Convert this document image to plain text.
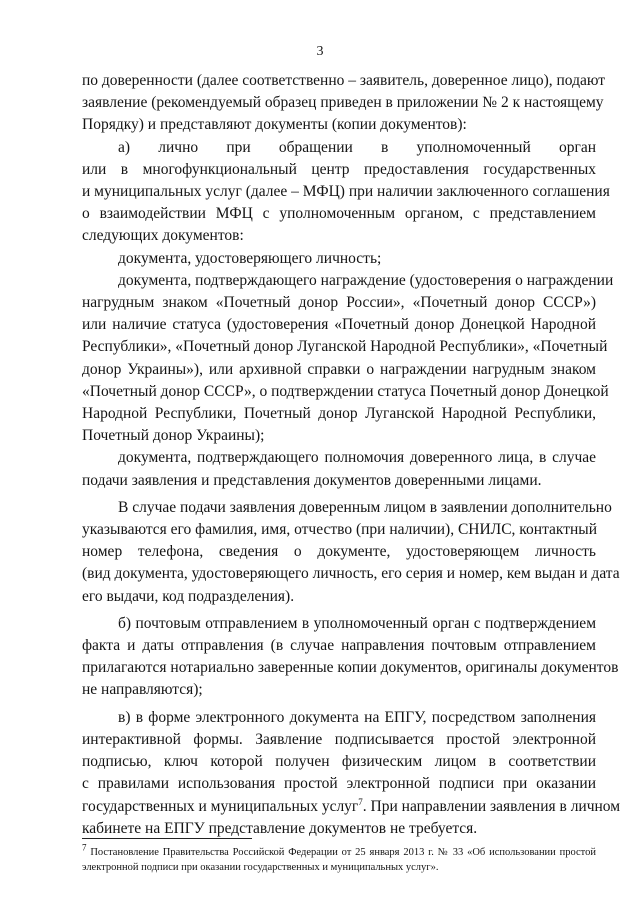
3
по доверенности (далее соответственно – заявитель, доверенное лицо), подают
заявление (рекомендуемый образец приведен в приложении № 2 к настоящему
Порядку) и представляют документы (копии документов):
а) лично при обращении в уполномоченный орган
или в многофункциональный центр предоставления государственных
и муниципальных услуг (далее – МФЦ) при наличии заключенного соглашения
о взаимодействии МФЦ с уполномоченным органом, с представлением
следующих документов:
документа, удостоверяющего личность;
документа, подтверждающего награждение (удостоверения о награждении
нагрудным знаком «Почетный донор России», «Почетный донор СССР»)
или наличие статуса (удостоверения «Почетный донор Донецкой Народной
Республики», «Почетный донор Луганской Народной Республики», «Почетный
донор Украины»), или архивной справки о награждении нагрудным знаком
«Почетный донор СССР», о подтверждении статуса Почетный донор Донецкой
Народной Республики, Почетный донор Луганской Народной Республики,
Почетный донор Украины);
документа, подтверждающего полномочия доверенного лица, в случае
подачи заявления и представления документов доверенными лицами.
В случае подачи заявления доверенным лицом в заявлении дополнительно
указываются его фамилия, имя, отчество (при наличии), СНИЛС, контактный
номер телефона, сведения о документе, удостоверяющем личность
(вид документа, удостоверяющего личность, его серия и номер, кем выдан и дата
его выдачи, код подразделения).
б) почтовым отправлением в уполномоченный орган с подтверждением
факта и даты отправления (в случае направления почтовым отправлением
прилагаются нотариально заверенные копии документов, оригиналы документов
не направляются);
в) в форме электронного документа на ЕПГУ, посредством заполнения
интерактивной формы. Заявление подписывается простой электронной
подписью, ключ которой получен физическим лицом в соответствии
с правилами использования простой электронной подписи при оказании
государственных и муниципальных услуг$^7$. При направлении заявления в личном
кабинете на ЕПГУ представление документов не требуется.
$^7$ Постановление Правительства Российской Федерации от 25 января 2013 г. № 33 «Об использовании простой
электронной подписи при оказании государственных и муниципальных услуг».
